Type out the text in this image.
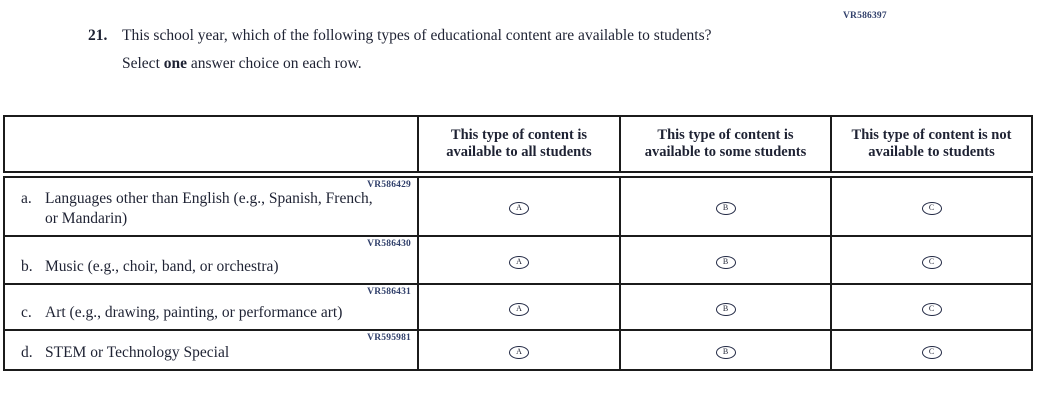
VR586397
21. This school year, which of the following types of educational content are available to students?
Select one answer choice on each row.
	This type of content is available to all students	This type of content is available to some students	This type of content is not available to students

VR586429
a. Languages other than English (e.g., Spanish, French, or Mandarin)	A	B	C

VR586430
b. Music (e.g., choir, band, or orchestra)	A	B	C

VR586431
c. Art (e.g., drawing, painting, or performance art)	A	B	C

VR595981
d. STEM or Technology Special	A	B	C
